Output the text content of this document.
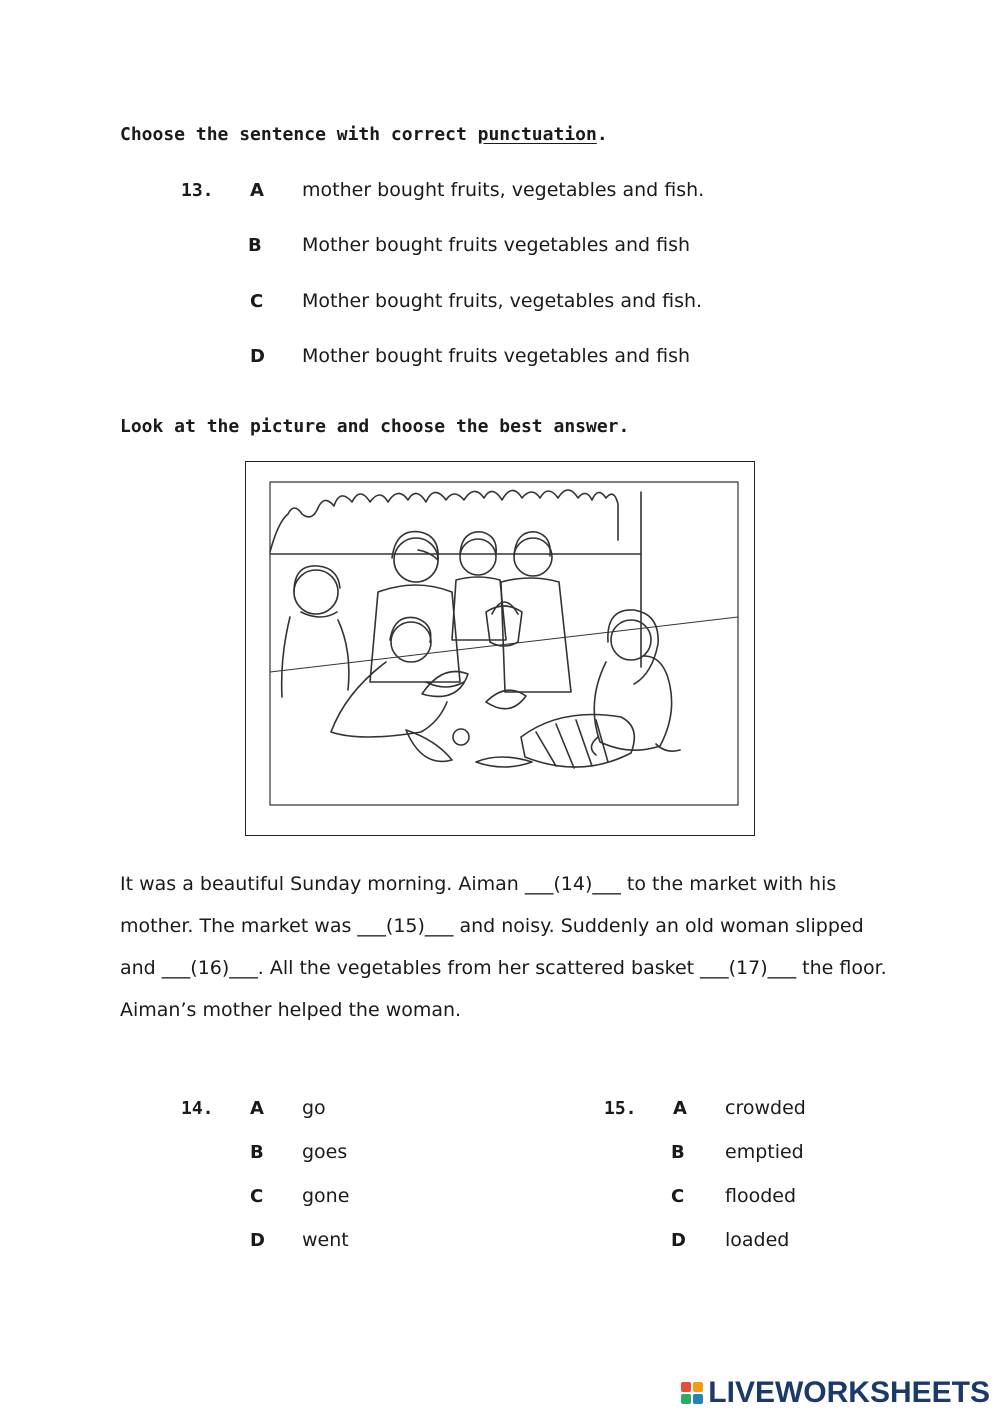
Choose the sentence with correct punctuation.
13. A mother bought fruits, vegetables and fish.
B Mother bought fruits vegetables and fish
C Mother bought fruits, vegetables and fish.
D Mother bought fruits vegetables and fish
Look at the picture and choose the best answer.
It was a beautiful Sunday morning. Aiman ___(14)___ to the market with his mother. The market was ___(15)___ and noisy. Suddenly an old woman slipped and ___(16)___. All the vegetables from her scattered basket ___(17)___ the floor. Aiman’s mother helped the woman.
14. A go
B goes
C gone
D went
15. A crowded
B emptied
C flooded
D loaded
LIVEWORKSHEETS
